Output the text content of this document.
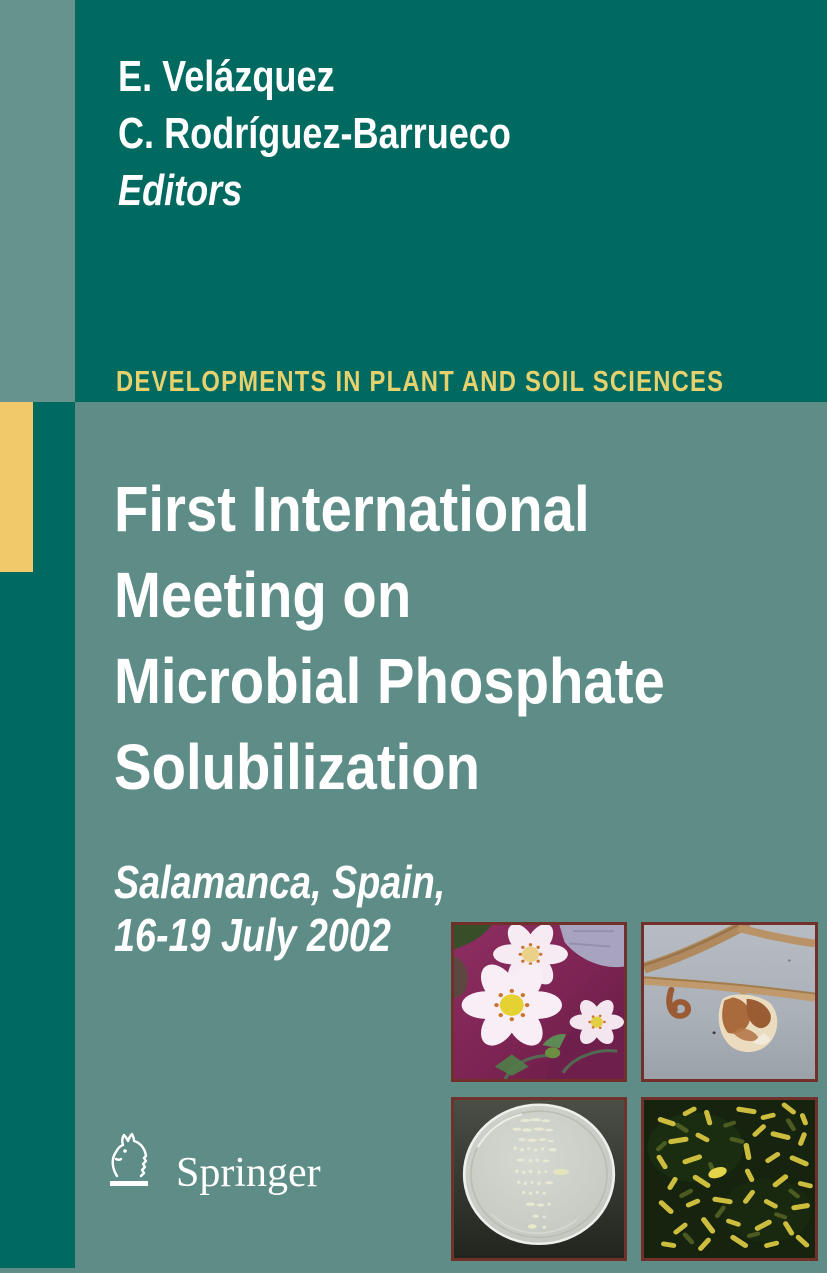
E. Velázquez
C. Rodríguez-Barrueco
Editors
DEVELOPMENTS IN PLANT AND SOIL SCIENCES
First International
Meeting on
Microbial Phosphate
Solubilization
Salamanca, Spain,
16-19 July 2002
Springer
